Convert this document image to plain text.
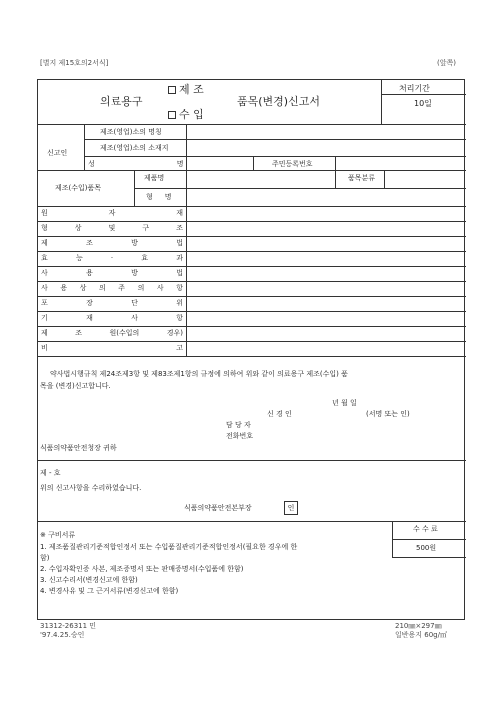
[별지 제15호의2서식]	(앞쪽)
제 조
의료용구	품목(변경)신고서
수 입
처리기간
10일
신고인
제조(영업)소의 명칭
제조(영업)소의 소재지
성	명	주민등록번호
제조(수입)품목
제품명	품목분류
형 명
원	자	재
형	상	및	구	조
제	조	방	법
효	능	·	효	과
사	용	방	법
사 용 상 의 주 의 사 항
포	장	단	위
기	재	사	항
제	조	원(수입의	경우)
비	고
약사법시행규칙 제24조제3항 및 제83조제1항의 규정에 의하여 위와 같이 의료용구 제조(수입) 품
목을 (변경)신고합니다.
년 월 일
신 경 인	(서명 또는 인)
담 당 자
전화번호
식품의약품안전청장 귀하
제 - 호
위의 신고사항을 수리하였습니다.
식품의약품안전본부장	인
※ 구비서류
1. 제조품질관리기준적합인정서 또는 수입품질관리기준적합인정서(필요한 경우에 한
함)
2. 수입자확인증 사본, 제조증명서 또는 판매증명서(수입품에 한함)
3. 신고수리서(변경신고에 한함)
4. 변경사유 및 그 근거서류(변경신고에 한함)
수 수 료
500원
31312-26311 민
'97.4.25.승인
210㎜×297㎜
일반용지 60g/㎡
